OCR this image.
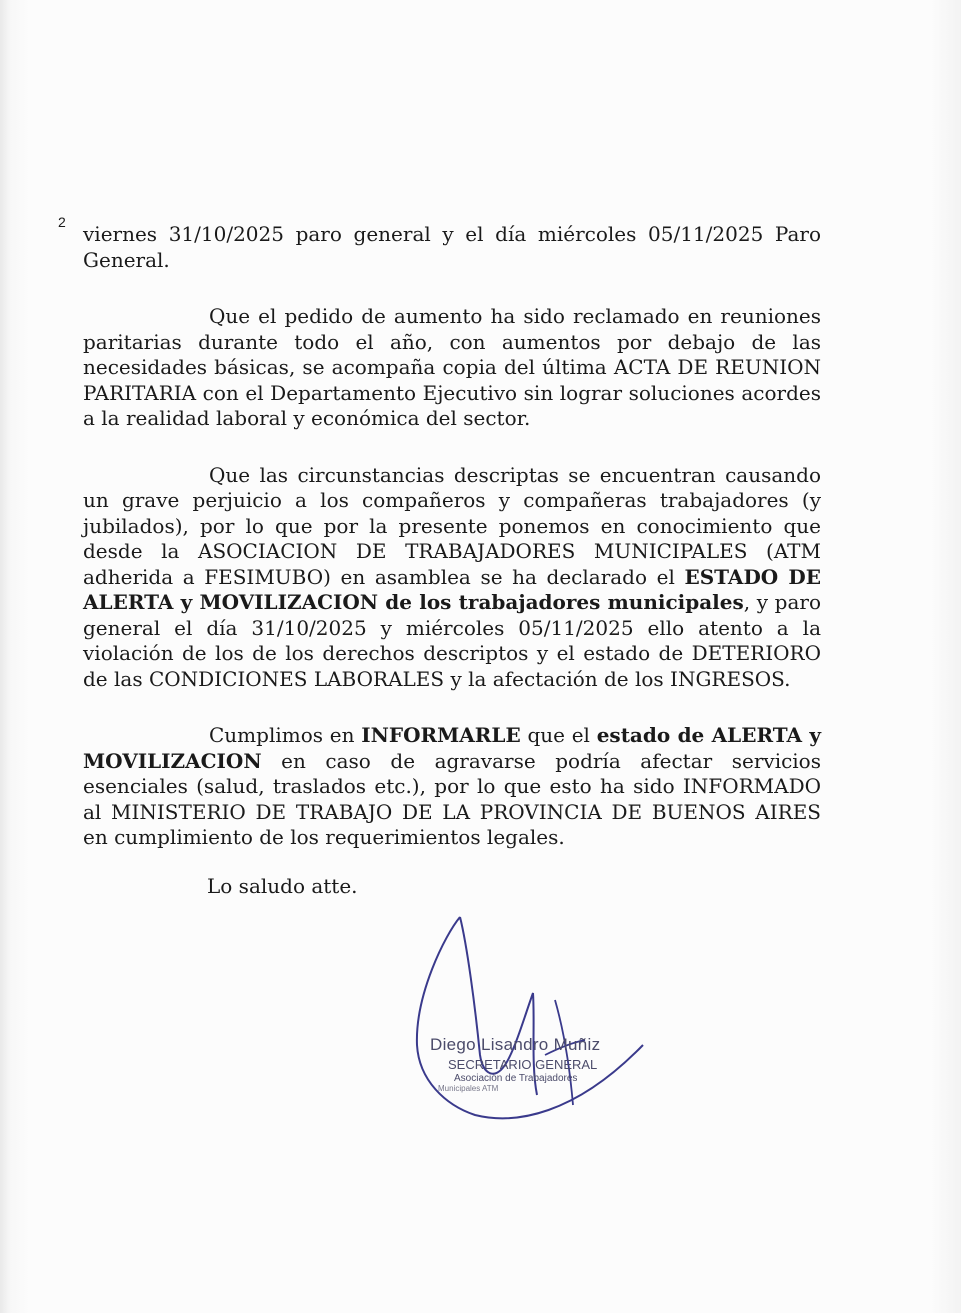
2 viernes 31/10/2025 paro general y el día miércoles 05/11/2025 Paro General.

Que el pedido de aumento ha sido reclamado en reuniones paritarias durante todo el año, con aumentos por debajo de las necesidades básicas, se acompaña copia del última ACTA DE REUNION PARITARIA con el Departamento Ejecutivo sin lograr soluciones acordes a la realidad laboral y económica del sector.

Que las circunstancias descriptas se encuentran causando un grave perjuicio a los compañeros y compañeras trabajadores (y jubilados), por lo que por la presente ponemos en conocimiento que desde la ASOCIACION DE TRABAJADORES MUNICIPALES (ATM adherida a FESIMUBO) en asamblea se ha declarado el ESTADO DE ALERTA y MOVILIZACION de los trabajadores municipales, y paro general el día 31/10/2025 y miércoles 05/11/2025 ello atento a la violación de los de los derechos descriptos y el estado de DETERIORO de las CONDICIONES LABORALES y la afectación de los INGRESOS.

Cumplimos en INFORMARLE que el estado de ALERTA y MOVILIZACION en caso de agravarse podría afectar servicios esenciales (salud, traslados etc.), por lo que esto ha sido INFORMADO al MINISTERIO DE TRABAJO DE LA PROVINCIA DE BUENOS AIRES en cumplimiento de los requerimientos legales.

Lo saludo atte.
Diego Lisandro Muñiz
SECRETARIO GENERAL
Asociación de Trabajadores
Municipales ATM
